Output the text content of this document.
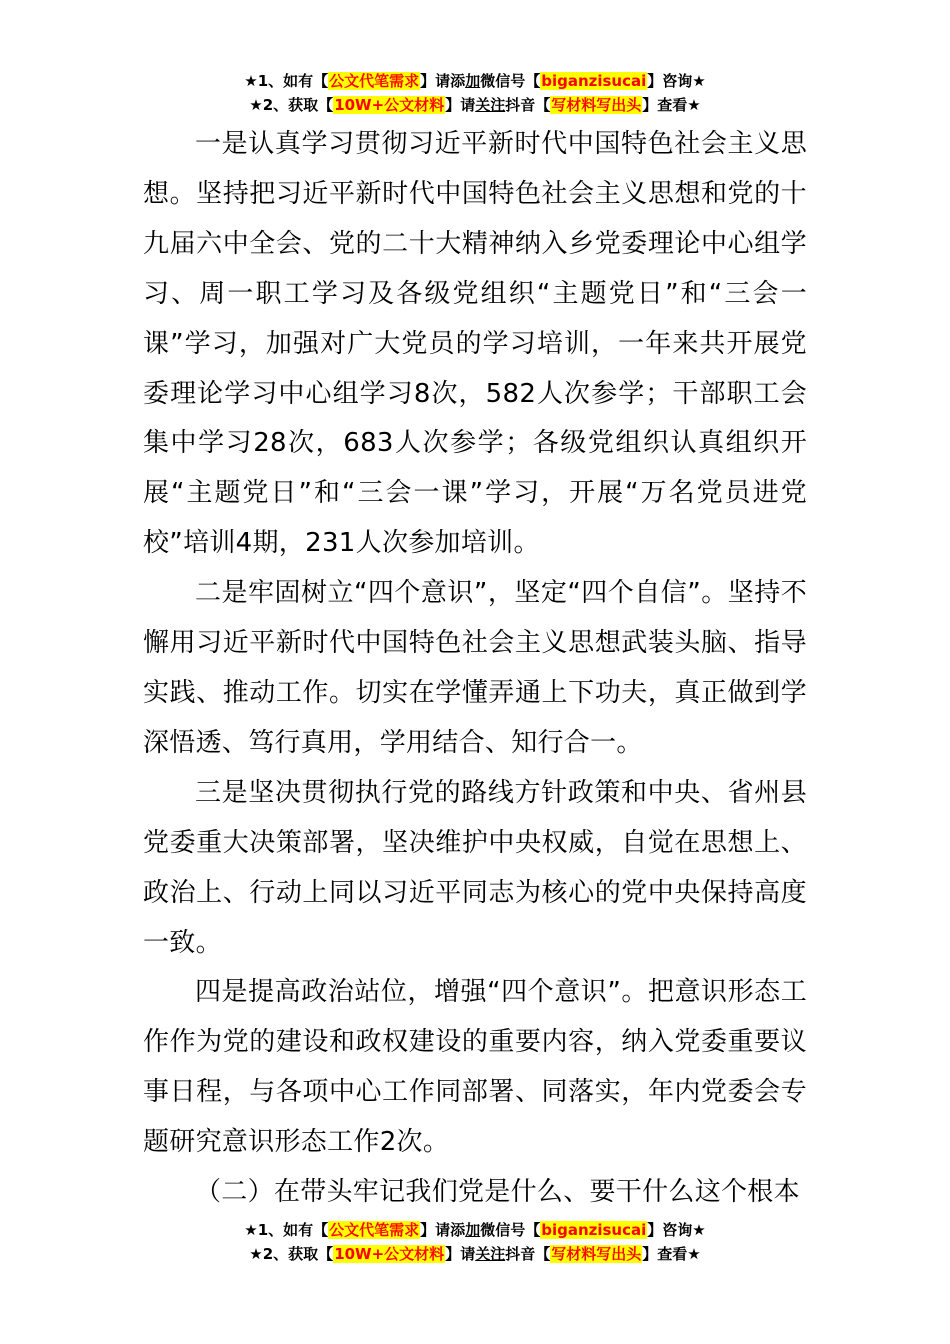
★1、如有【公文代笔需求】请添加微信号【biganzisucai】咨询★
★2、获取【10W+公文材料】请关注抖音【写材料写出头】查看★

一是认真学习贯彻习近平新时代中国特色社会主义思想。坚持把习近平新时代中国特色社会主义思想和党的十九届六中全会、党的二十大精神纳入乡党委理论中心组学习、周一职工学习及各级党组织“主题党日”和“三会一课”学习，加强对广大党员的学习培训，一年来共开展党委理论学习中心组学习8次，582人次参学；干部职工会集中学习28次，683人次参学；各级党组织认真组织开展“主题党日”和“三会一课”学习，开展“万名党员进党校”培训4期，231人次参加培训。

二是牢固树立“四个意识”，坚定“四个自信”。坚持不懈用习近平新时代中国特色社会主义思想武装头脑、指导实践、推动工作。切实在学懂弄通上下功夫，真正做到学深悟透、笃行真用，学用结合、知行合一。

三是坚决贯彻执行党的路线方针政策和中央、省州县党委重大决策部署，坚决维护中央权威，自觉在思想上、政治上、行动上同以习近平同志为核心的党中央保持高度一致。

四是提高政治站位，增强“四个意识”。把意识形态工作作为党的建设和政权建设的重要内容，纳入党委重要议事日程，与各项中心工作同部署、同落实，年内党委会专题研究意识形态工作2次。

（二）在带头牢记我们党是什么、要干什么这个根本

★1、如有【公文代笔需求】请添加微信号【biganzisucai】咨询★
★2、获取【10W+公文材料】请关注抖音【写材料写出头】查看★
